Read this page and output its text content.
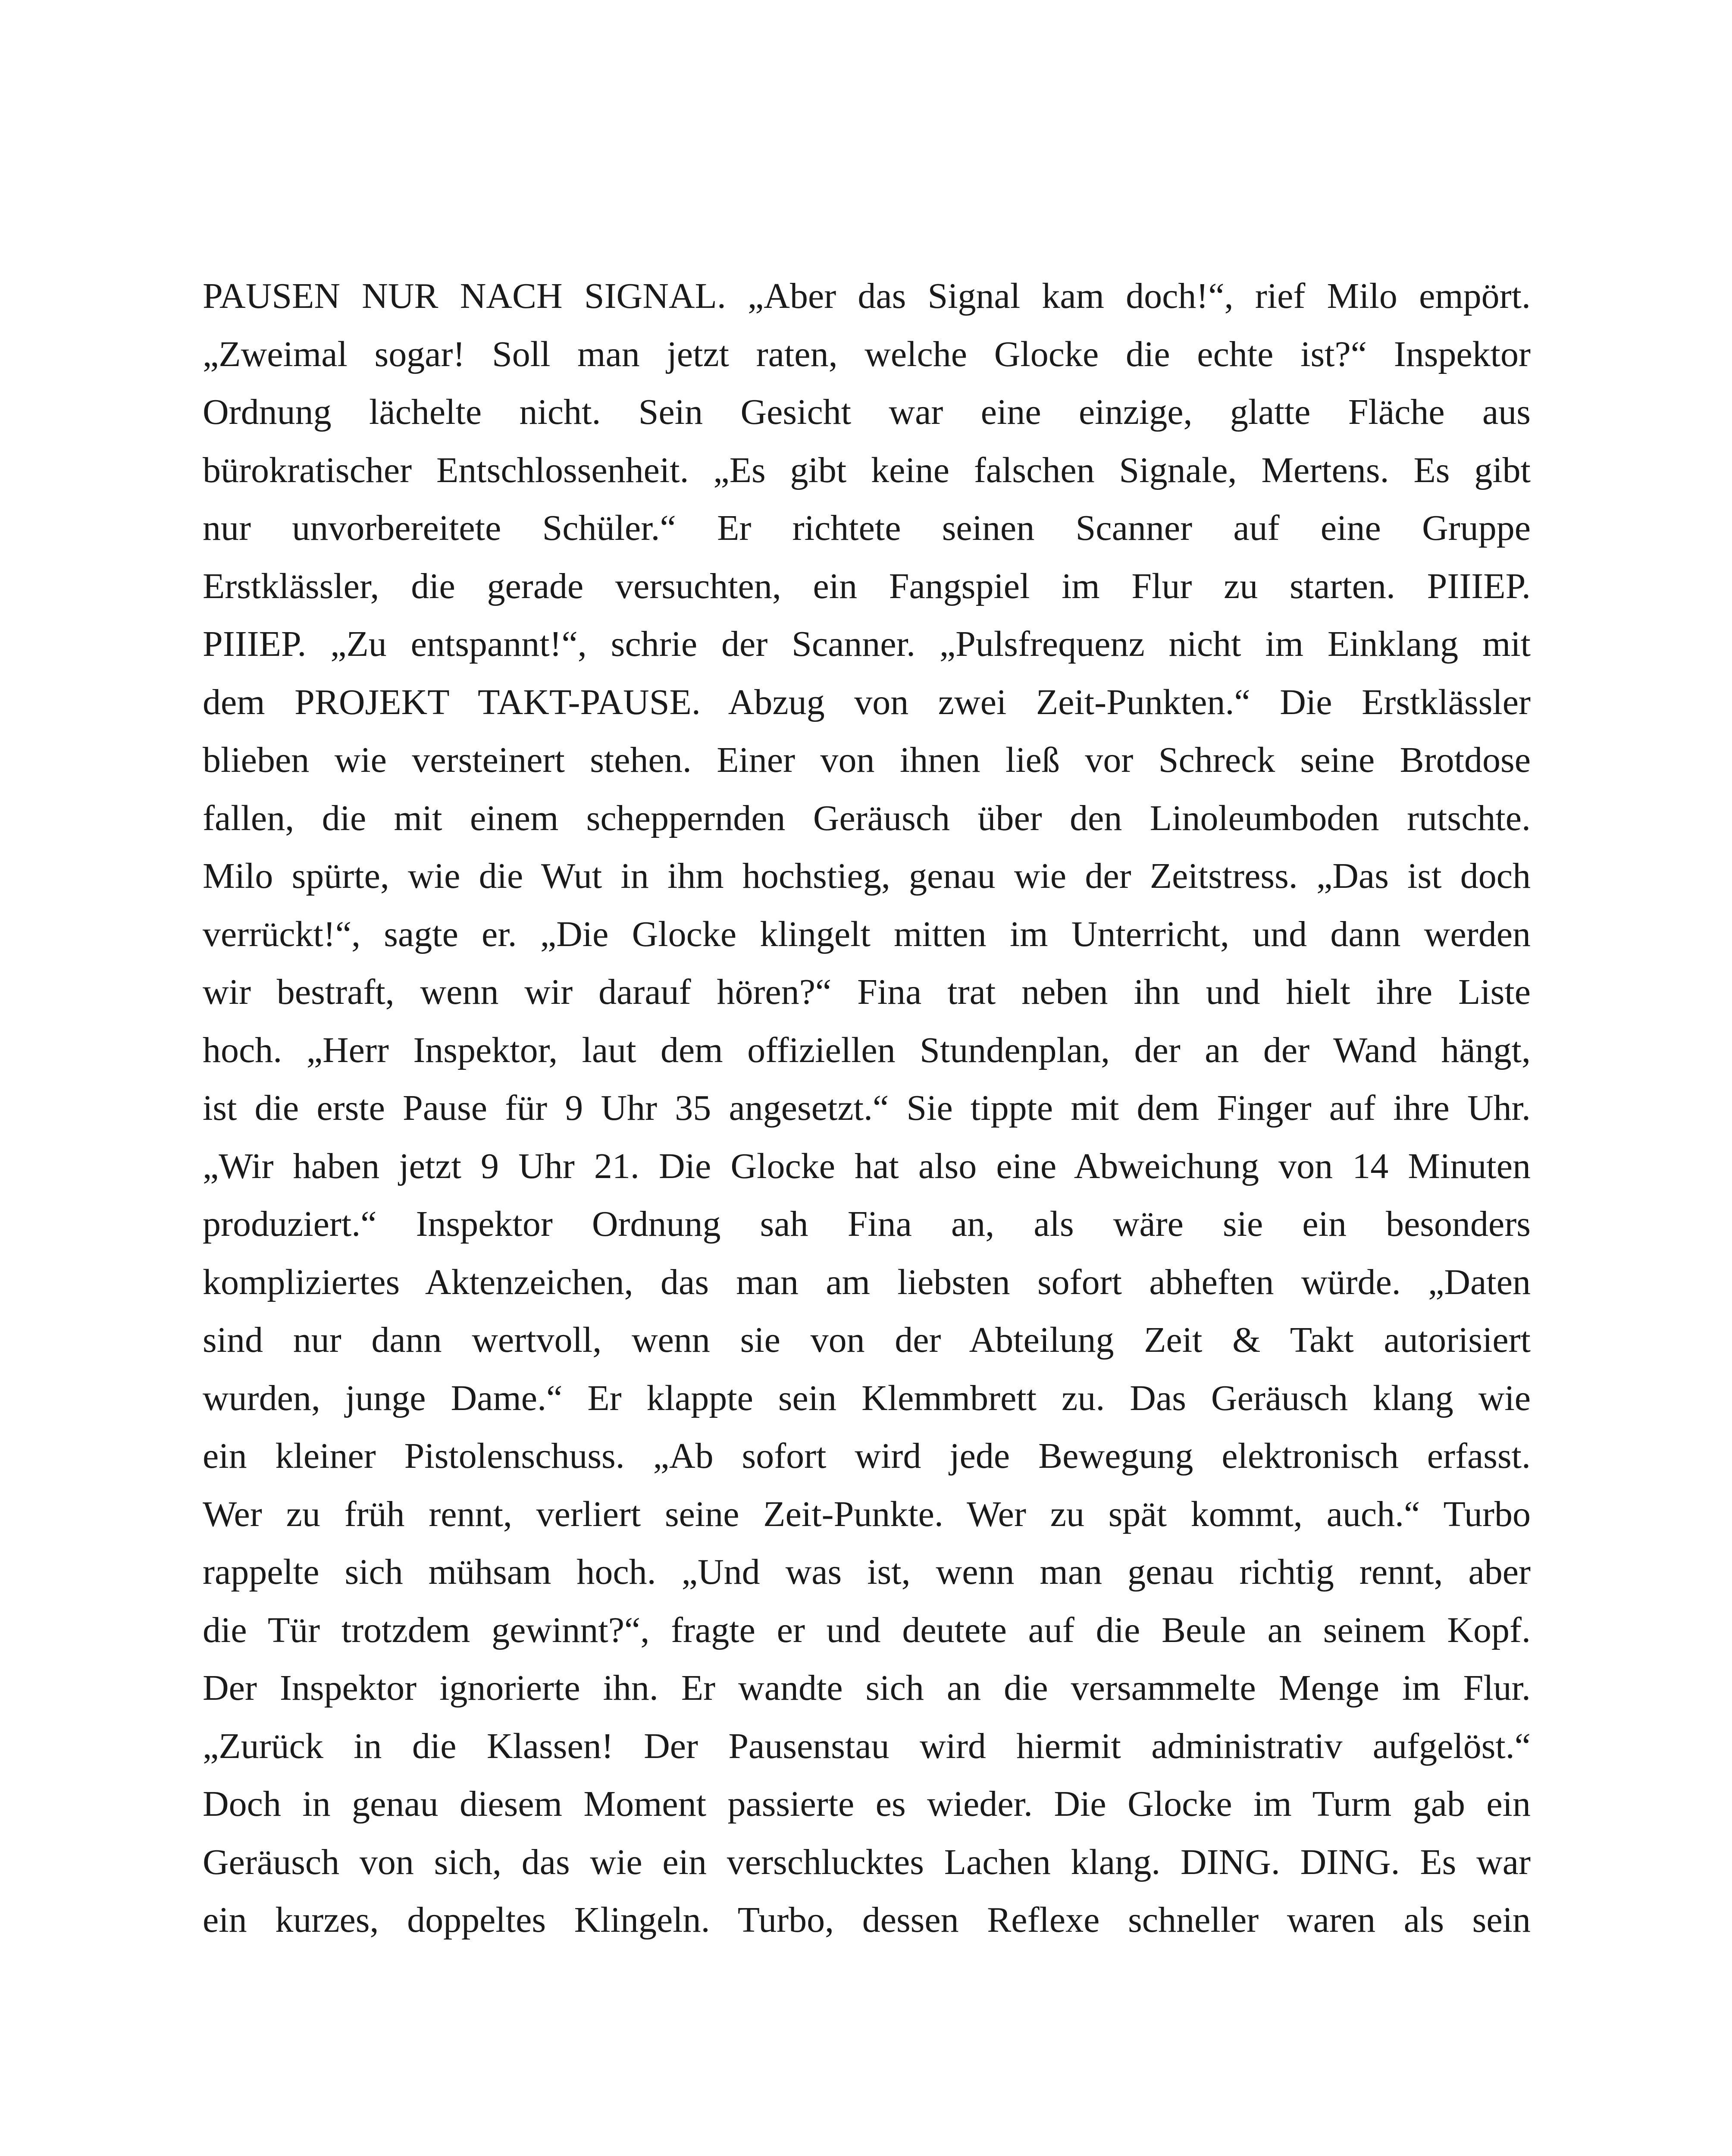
PAUSEN NUR NACH SIGNAL. „Aber das Signal kam doch!“, rief Milo empört.
„Zweimal sogar! Soll man jetzt raten, welche Glocke die echte ist?“ Inspektor
Ordnung lächelte nicht. Sein Gesicht war eine einzige, glatte Fläche aus
bürokratischer Entschlossenheit. „Es gibt keine falschen Signale, Mertens. Es gibt
nur unvorbereitete Schüler.“ Er richtete seinen Scanner auf eine Gruppe
Erstklässler, die gerade versuchten, ein Fangspiel im Flur zu starten. PIIIEP.
PIIIEP. „Zu entspannt!“, schrie der Scanner. „Pulsfrequenz nicht im Einklang mit
dem PROJEKT TAKT-PAUSE. Abzug von zwei Zeit-Punkten.“ Die Erstklässler
blieben wie versteinert stehen. Einer von ihnen ließ vor Schreck seine Brotdose
fallen, die mit einem scheppernden Geräusch über den Linoleumboden rutschte.
Milo spürte, wie die Wut in ihm hochstieg, genau wie der Zeitstress. „Das ist doch
verrückt!“, sagte er. „Die Glocke klingelt mitten im Unterricht, und dann werden
wir bestraft, wenn wir darauf hören?“ Fina trat neben ihn und hielt ihre Liste
hoch. „Herr Inspektor, laut dem offiziellen Stundenplan, der an der Wand hängt,
ist die erste Pause für 9 Uhr 35 angesetzt.“ Sie tippte mit dem Finger auf ihre Uhr.
„Wir haben jetzt 9 Uhr 21. Die Glocke hat also eine Abweichung von 14 Minuten
produziert.“ Inspektor Ordnung sah Fina an, als wäre sie ein besonders
kompliziertes Aktenzeichen, das man am liebsten sofort abheften würde. „Daten
sind nur dann wertvoll, wenn sie von der Abteilung Zeit & Takt autorisiert
wurden, junge Dame.“ Er klappte sein Klemmbrett zu. Das Geräusch klang wie
ein kleiner Pistolenschuss. „Ab sofort wird jede Bewegung elektronisch erfasst.
Wer zu früh rennt, verliert seine Zeit-Punkte. Wer zu spät kommt, auch.“ Turbo
rappelte sich mühsam hoch. „Und was ist, wenn man genau richtig rennt, aber
die Tür trotzdem gewinnt?“, fragte er und deutete auf die Beule an seinem Kopf.
Der Inspektor ignorierte ihn. Er wandte sich an die versammelte Menge im Flur.
„Zurück in die Klassen! Der Pausenstau wird hiermit administrativ aufgelöst.“
Doch in genau diesem Moment passierte es wieder. Die Glocke im Turm gab ein
Geräusch von sich, das wie ein verschlucktes Lachen klang. DING. DING. Es war
ein kurzes, doppeltes Klingeln. Turbo, dessen Reflexe schneller waren als sein
